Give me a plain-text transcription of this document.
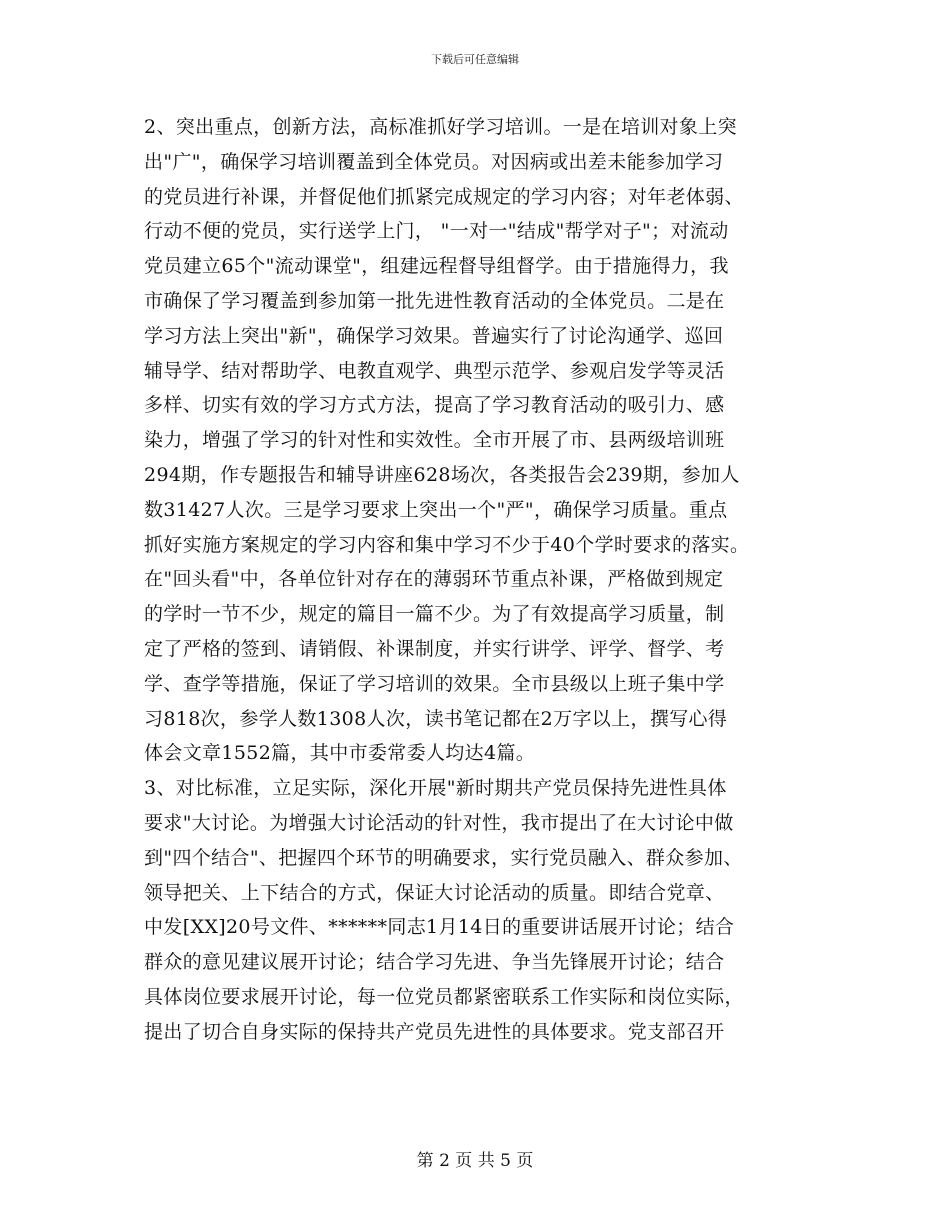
下载后可任意编辑
2、突出重点，创新方法，高标准抓好学习培训。一是在培训对象上突
出"广"，确保学习培训覆盖到全体党员。对因病或出差未能参加学习
的党员进行补课，并督促他们抓紧完成规定的学习内容；对年老体弱、
行动不便的党员，实行送学上门， "一对一"结成"帮学对子"；对流动
党员建立65个"流动课堂"，组建远程督导组督学。由于措施得力，我
市确保了学习覆盖到参加第一批先进性教育活动的全体党员。二是在
学习方法上突出"新"，确保学习效果。普遍实行了讨论沟通学、巡回
辅导学、结对帮助学、电教直观学、典型示范学、参观启发学等灵活
多样、切实有效的学习方式方法，提高了学习教育活动的吸引力、感
染力，增强了学习的针对性和实效性。全市开展了市、县两级培训班
294期，作专题报告和辅导讲座628场次，各类报告会239期，参加人
数31427人次。三是学习要求上突出一个"严"，确保学习质量。重点
抓好实施方案规定的学习内容和集中学习不少于40个学时要求的落实。
在"回头看"中，各单位针对存在的薄弱环节重点补课，严格做到规定
的学时一节不少，规定的篇目一篇不少。为了有效提高学习质量，制
定了严格的签到、请销假、补课制度，并实行讲学、评学、督学、考
学、查学等措施，保证了学习培训的效果。全市县级以上班子集中学
习818次，参学人数1308人次，读书笔记都在2万字以上，撰写心得
体会文章1552篇，其中市委常委人均达4篇。
3、对比标准，立足实际，深化开展"新时期共产党员保持先进性具体
要求"大讨论。为增强大讨论活动的针对性，我市提出了在大讨论中做
到"四个结合"、把握四个环节的明确要求，实行党员融入、群众参加、
领导把关、上下结合的方式，保证大讨论活动的质量。即结合党章、
中发[XX]20号文件、******同志1月14日的重要讲话展开讨论；结合
群众的意见建议展开讨论；结合学习先进、争当先锋展开讨论；结合
具体岗位要求展开讨论，每一位党员都紧密联系工作实际和岗位实际，
提出了切合自身实际的保持共产党员先进性的具体要求。党支部召开
第 2 页 共 5 页
